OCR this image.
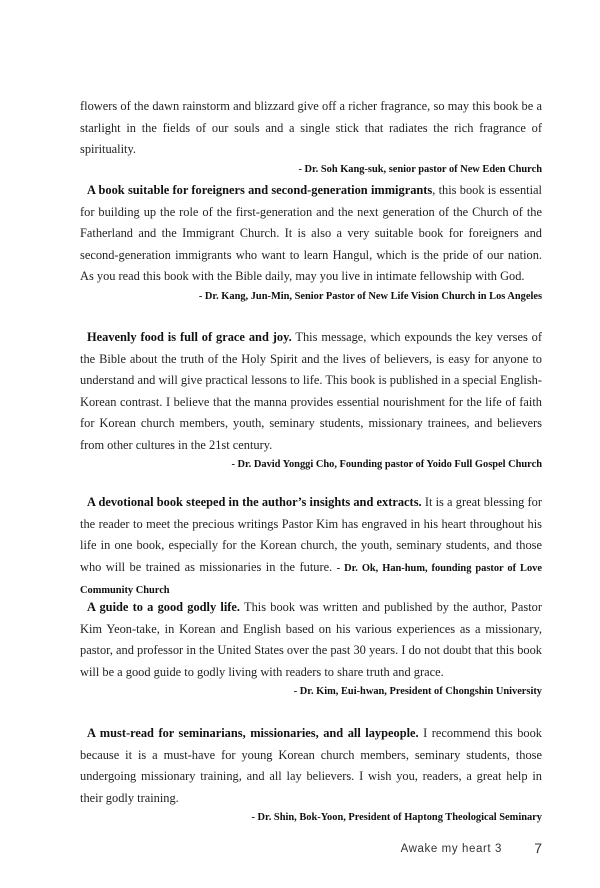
flowers of the dawn rainstorm and blizzard give off a richer fragrance, so may this book be a starlight in the fields of our souls and a single stick that radiates the rich fragrance of spirituality.

- Dr. Soh Kang-suk, senior pastor of New Eden Church

A book suitable for foreigners and second-generation immigrants, this book is essential for building up the role of the first-generation and the next generation of the Church of the Fatherland and the Immigrant Church. It is also a very suitable book for foreigners and second-generation immigrants who want to learn Hangul, which is the pride of our nation. As you read this book with the Bible daily, may you live in intimate fellowship with God.

- Dr. Kang, Jun-Min, Senior Pastor of New Life Vision Church in Los Angeles

Heavenly food is full of grace and joy. This message, which expounds the key verses of the Bible about the truth of the Holy Spirit and the lives of believers, is easy for anyone to understand and will give practical lessons to life. This book is published in a special English-Korean contrast. I believe that the manna provides essential nourishment for the life of faith for Korean church members, youth, seminary students, missionary trainees, and believers from other cultures in the 21st century.

- Dr. David Yonggi Cho, Founding pastor of Yoido Full Gospel Church

A devotional book steeped in the author’s insights and extracts. It is a great blessing for the reader to meet the precious writings Pastor Kim has engraved in his heart throughout his life in one book, especially for the Korean church, the youth, seminary students, and those who will be trained as missionaries in the future. - Dr. Ok, Han-hum, founding pastor of Love Community Church

A guide to a good godly life. This book was written and published by the author, Pastor Kim Yeon-take, in Korean and English based on his various experiences as a missionary, pastor, and professor in the United States over the past 30 years. I do not doubt that this book will be a good guide to godly living with readers to share truth and grace.

- Dr. Kim, Eui-hwan, President of Chongshin University

A must-read for seminarians, missionaries, and all laypeople. I recommend this book because it is a must-have for young Korean church members, seminary students, those undergoing missionary training, and all lay believers. I wish you, readers, a great help in their godly training.

- Dr. Shin, Bok-Yoon, President of Haptong Theological Seminary

Awake my heart 3 7
